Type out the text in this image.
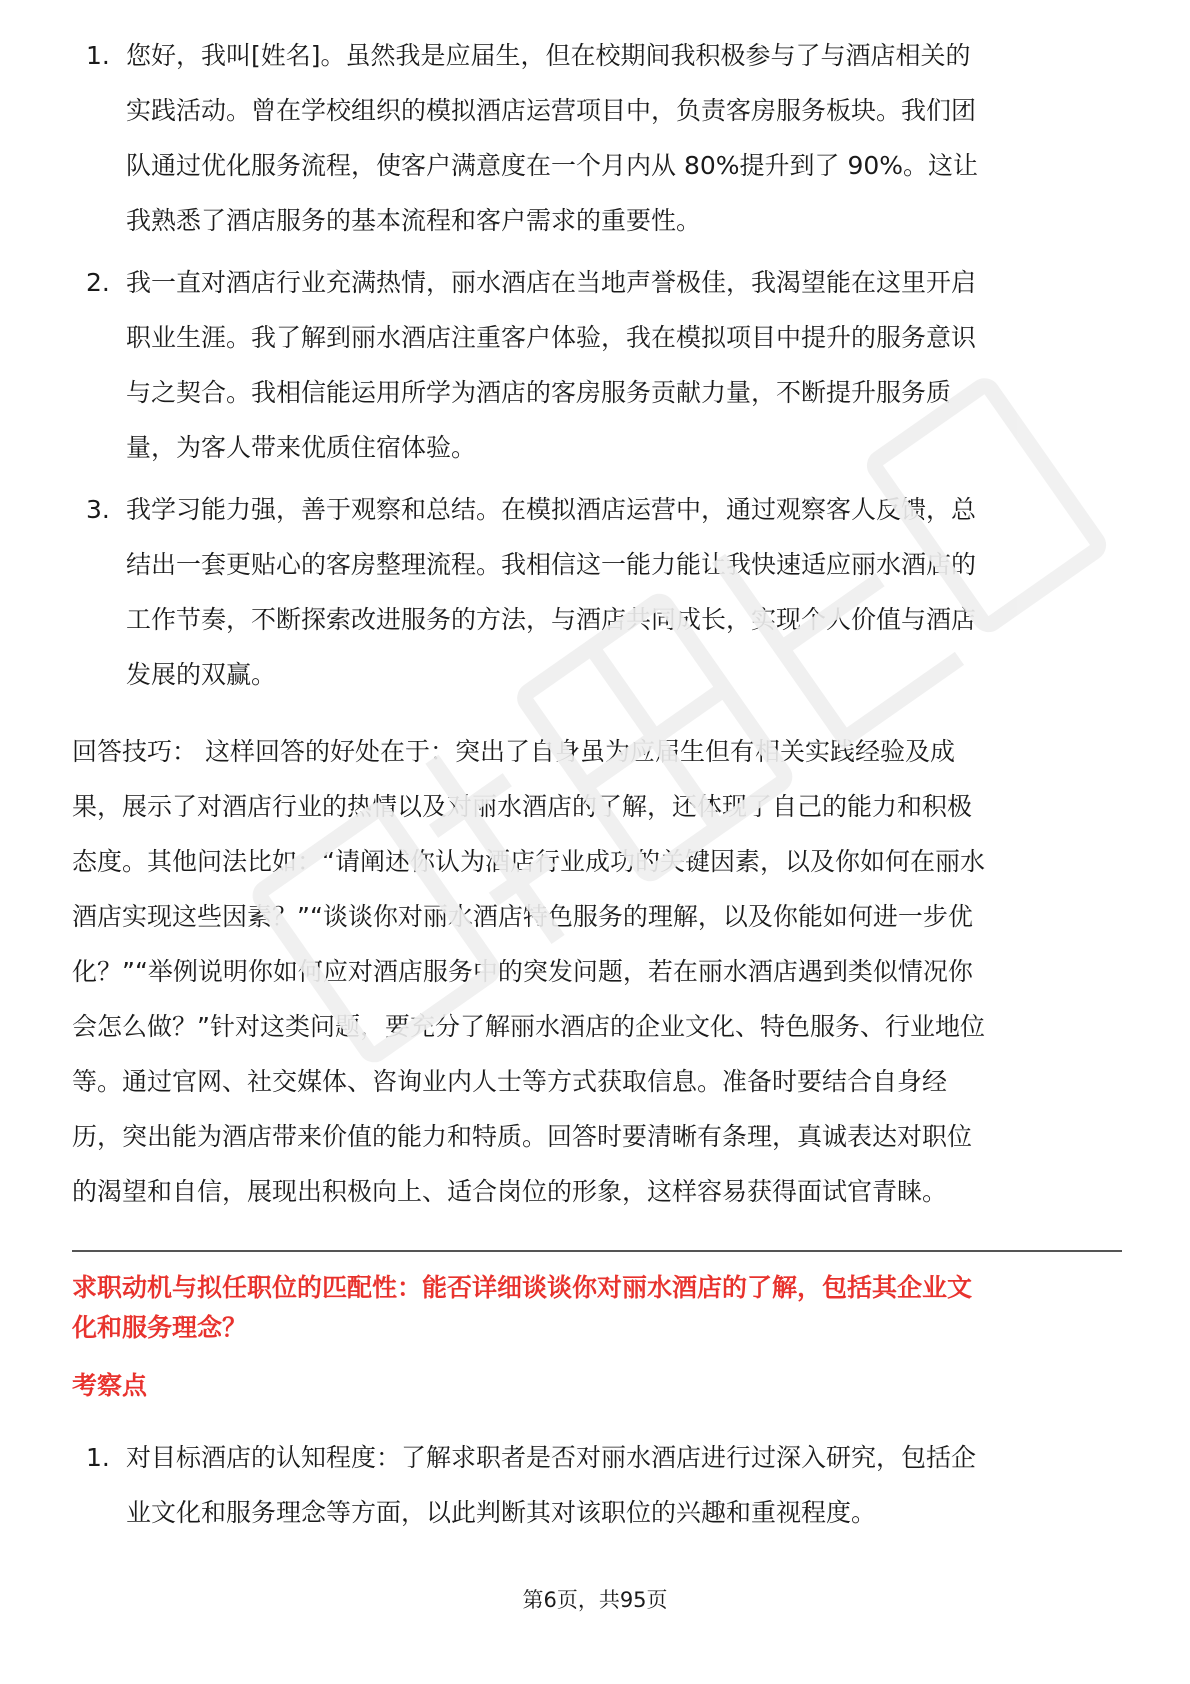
1. 您好，我叫[姓名]。虽然我是应届生，但在校期间我积极参与了与酒店相关的
实践活动。曾在学校组织的模拟酒店运营项目中，负责客房服务板块。我们团
队通过优化服务流程，使客户满意度在一个月内从 80%提升到了 90%。这让
我熟悉了酒店服务的基本流程和客户需求的重要性。
2. 我一直对酒店行业充满热情，丽水酒店在当地声誉极佳，我渴望能在这里开启
职业生涯。我了解到丽水酒店注重客户体验，我在模拟项目中提升的服务意识
与之契合。我相信能运用所学为酒店的客房服务贡献力量，不断提升服务质
量，为客人带来优质住宿体验。
3. 我学习能力强，善于观察和总结。在模拟酒店运营中，通过观察客人反馈，总
结出一套更贴心的客房整理流程。我相信这一能力能让我快速适应丽水酒店的
工作节奏，不断探索改进服务的方法，与酒店共同成长，实现个人价值与酒店
发展的双赢。
回答技巧： 这样回答的好处在于：突出了自身虽为应届生但有相关实践经验及成
果，展示了对酒店行业的热情以及对丽水酒店的了解，还体现了自己的能力和积极
态度。其他问法比如：“请阐述你认为酒店行业成功的关键因素，以及你如何在丽水
酒店实现这些因素？”“谈谈你对丽水酒店特色服务的理解，以及你能如何进一步优
化？”“举例说明你如何应对酒店服务中的突发问题，若在丽水酒店遇到类似情况你
会怎么做？”针对这类问题，要充分了解丽水酒店的企业文化、特色服务、行业地位
等。通过官网、社交媒体、咨询业内人士等方式获取信息。准备时要结合自身经
历，突出能为酒店带来价值的能力和特质。回答时要清晰有条理，真诚表达对职位
的渴望和自信，展现出积极向上、适合岗位的形象，这样容易获得面试官青睐。
求职动机与拟任职位的匹配性：能否详细谈谈你对丽水酒店的了解，包括其企业文
化和服务理念？
考察点
1. 对目标酒店的认知程度：了解求职者是否对丽水酒店进行过深入研究，包括企
业文化和服务理念等方面，以此判断其对该职位的兴趣和重视程度。
第6页，共95页
